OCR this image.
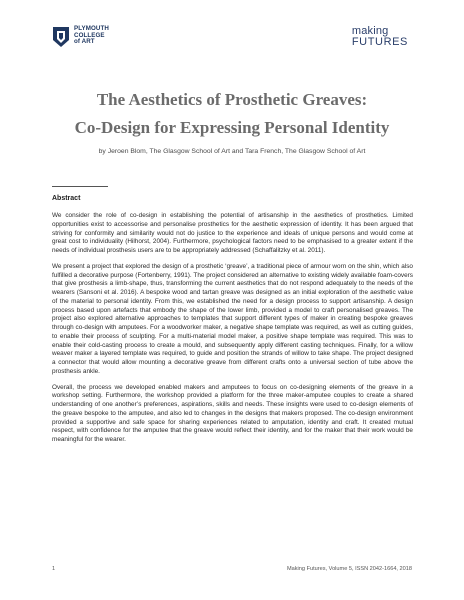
PLYMOUTH
COLLEGE
of ART
making
FUTURES
The Aesthetics of Prosthetic Greaves:
Co-Design for Expressing Personal Identity
by Jeroen Blom, The Glasgow School of Art and Tara French, The Glasgow School of Art
Abstract

We consider the role of co-design in establishing the potential of artisanship in the aesthetics of prosthetics. Limited opportunities exist to accessorise and personalise prosthetics for the aesthetic expression of identity. It has been argued that striving for conformity and similarity would not do justice to the experience and ideals of unique persons and would come at great cost to individuality (Hilhorst, 2004). Furthermore, psychological factors need to be emphasised to a greater extent if the needs of individual prosthesis users are to be appropriately addressed (Schaffalitzky et al. 2011).

We present a project that explored the design of a prosthetic ‘greave’, a traditional piece of armour worn on the shin, which also fulfilled a decorative purpose (Fortenberry, 1991). The project considered an alternative to existing widely available foam-covers that give prosthesis a limb-shape, thus, transforming the current aesthetics that do not respond adequately to the needs of the wearers (Sansoni et al. 2016). A bespoke wood and tartan greave was designed as an initial exploration of the aesthetic value of the material to personal identity. From this, we established the need for a design process to support artisanship. A design process based upon artefacts that embody the shape of the lower limb, provided a model to craft personalised greaves. The project also explored alternative approaches to templates that support different types of maker in creating bespoke greaves through co-design with amputees. For a woodworker maker, a negative shape template was required, as well as cutting guides, to enable their process of sculpting. For a multi-material model maker, a positive shape template was required. This was to enable their cold-casting process to create a mould, and subsequently apply different casting techniques. Finally, for a willow weaver maker a layered template was required, to guide and position the strands of willow to take shape. The project designed a connector that would allow mounting a decorative greave from different crafts onto a universal section of tube above the prosthesis ankle.

Overall, the process we developed enabled makers and amputees to focus on co-designing elements of the greave in a workshop setting. Furthermore, the workshop provided a platform for the three maker-amputee couples to create a shared understanding of one another’s preferences, aspirations, skills and needs. These insights were used to co-design elements of the greave bespoke to the amputee, and also led to changes in the designs that makers proposed. The co-design environment provided a supportive and safe space for sharing experiences related to amputation, identity and craft. It created mutual respect, with confidence for the amputee that the greave would reflect their identity, and for the maker that their work would be meaningful for the wearer.

1	Making Futures, Volume 5, ISSN 2042-1664, 2018
